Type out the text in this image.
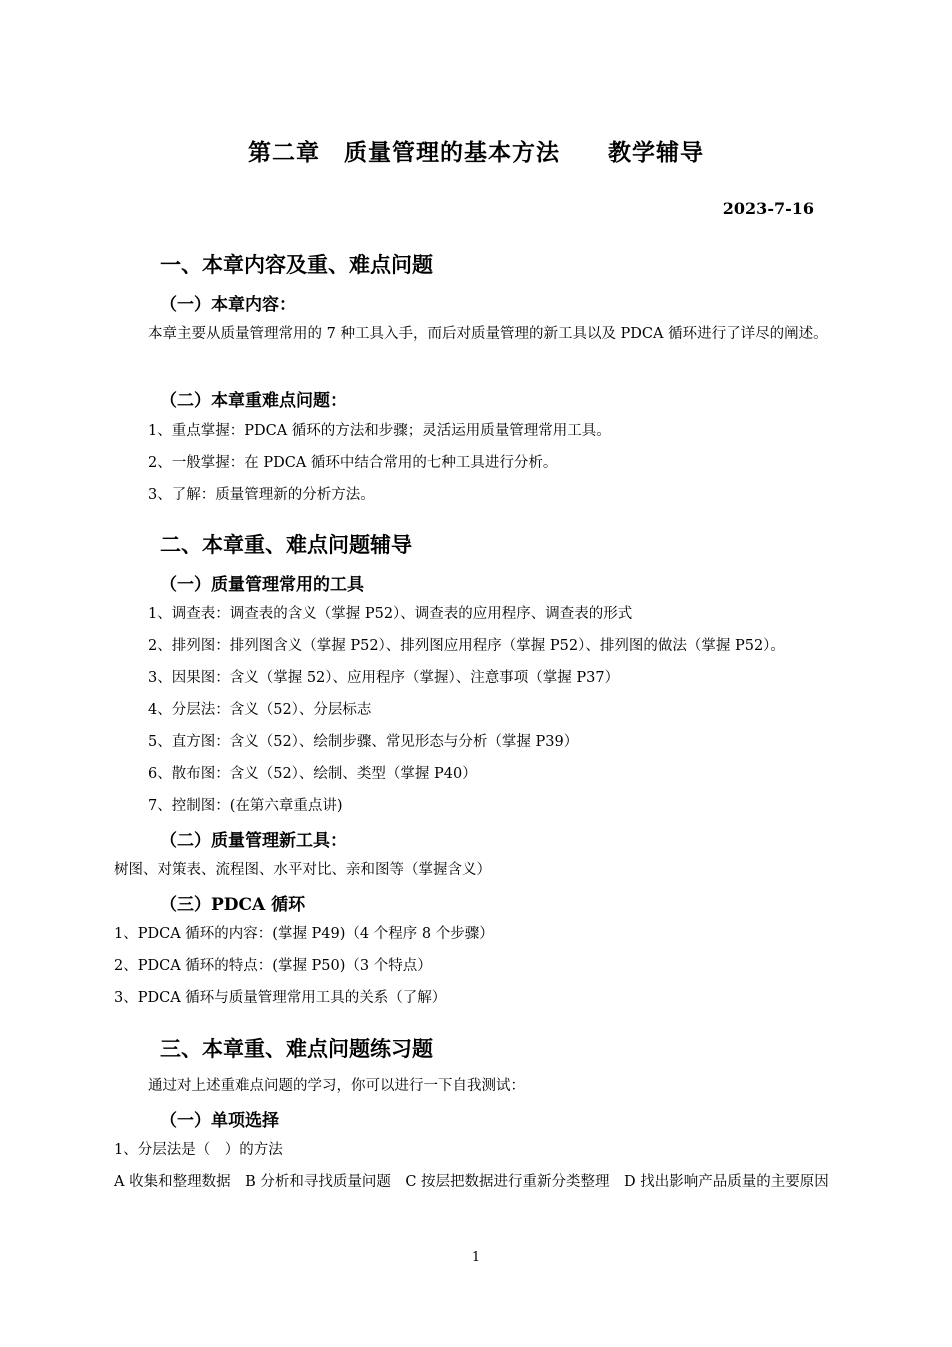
第二章　质量管理的基本方法　　教学辅导
2023-7-16
一、本章内容及重、难点问题
（一）本章内容：
本章主要从质量管理常用的 7 种工具入手，而后对质量管理的新工具以及 PDCA 循环进行了详尽的阐述。
（二）本章重难点问题：
1、重点掌握：PDCA 循环的方法和步骤；灵活运用质量管理常用工具。
2、一般掌握：在 PDCA 循环中结合常用的七种工具进行分析。
3、了解：质量管理新的分析方法。
二、本章重、难点问题辅导
（一）质量管理常用的工具
1、调查表：调查表的含义（掌握 P52）、调查表的应用程序、调查表的形式
2、排列图：排列图含义（掌握 P52）、排列图应用程序（掌握 P52）、排列图的做法（掌握 P52）。
3、因果图：含义（掌握 52）、应用程序（掌握）、注意事项（掌握 P37）
4、分层法：含义（52）、分层标志
5、直方图：含义（52）、绘制步骤、常见形态与分析（掌握 P39）
6、散布图：含义（52）、绘制、类型（掌握 P40）
7、控制图：(在第六章重点讲)
（二）质量管理新工具：
树图、对策表、流程图、水平对比、亲和图等（掌握含义）
（三）PDCA 循环
1、PDCA 循环的内容：(掌握 P49)（4 个程序 8 个步骤）
2、PDCA 循环的特点：(掌握 P50)（3 个特点）
3、PDCA 循环与质量管理常用工具的关系（了解）
三、本章重、难点问题练习题
通过对上述重难点问题的学习，你可以进行一下自我测试：
（一）单项选择
1、分层法是（　）的方法
A 收集和整理数据　B 分析和寻找质量问题　C 按层把数据进行重新分类整理　D 找出影响产品质量的主要原因
1
